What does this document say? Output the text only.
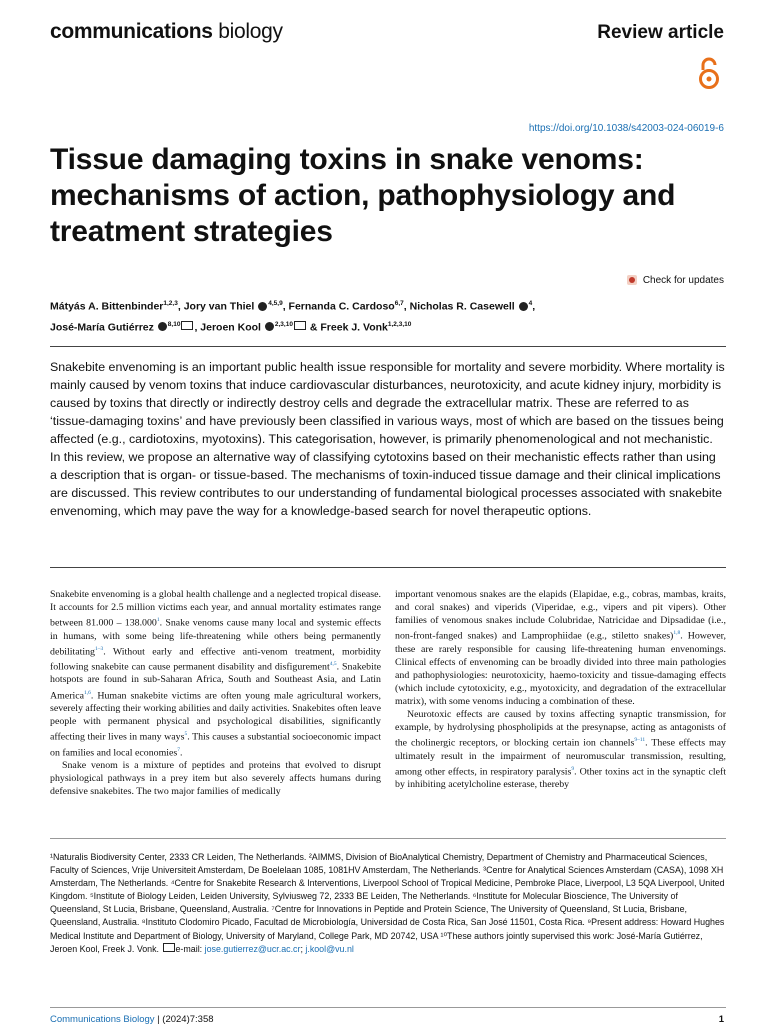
communications biology	Review article
https://doi.org/10.1038/s42003-024-06019-6
Tissue damaging toxins in snake venoms: mechanisms of action, pathophysiology and treatment strategies
Check for updates
Mátyás A. Bittenbinder$^{1,2,3}$, Jory van Thiel $^{4,5,9}$, Fernanda C. Cardoso$^{6,7}$, Nicholas R. Casewell $^4$,
José-María Gutiérrez $^{8,10}$ , Jeroen Kool $^{2,3,10}$ & Freek J. Vonk$^{1,2,3,10}$
Snakebite envenoming is an important public health issue responsible for mortality and severe morbidity. Where mortality is mainly caused by venom toxins that induce cardiovascular disturbances, neurotoxicity, and acute kidney injury, morbidity is caused by toxins that directly or indirectly destroy cells and degrade the extracellular matrix. These are referred to as ‘tissue-damaging toxins’ and have previously been classified in various ways, most of which are based on the tissues being affected (e.g., cardiotoxins, myotoxins). This categorisation, however, is primarily phenomenological and not mechanistic. In this review, we propose an alternative way of classifying cytotoxins based on their mechanistic effects rather than using a description that is organ- or tissue-based. The mechanisms of toxin-induced tissue damage and their clinical implications are discussed. This review contributes to our understanding of fundamental biological processes associated with snakebite envenoming, which may pave the way for a knowledge-based search for novel therapeutic options.

Snakebite envenoming is a global health challenge and a neglected tropical disease. It accounts for 2.5 million victims each year, and annual mortality estimates range between 81.000 – 138.000$^1$. Snake venoms cause many local and systemic effects in humans, with some being life-threatening while others being permanently debilitating$^{1-3}$. Without early and effective anti-venom treatment, morbidity following snakebite can cause permanent disability and disfigurement$^{4,5}$. Snakebite hotspots are found in sub-Saharan Africa, South and Southeast Asia, and Latin America$^{1,6}$. Human snakebite victims are often young male agricultural workers, severely affecting their working abilities and daily activities. Snakebites often leave people with permanent physical and psychological disabilities, significantly affecting their lives in many ways$^5$. This causes a substantial socioeconomic impact on families and local economies$^7$.

Snake venom is a mixture of peptides and proteins that evolved to disrupt physiological pathways in a prey item but also severely affects humans during defensive snakebites. The two major families of medically

important venomous snakes are the elapids (Elapidae, e.g., cobras, mambas, kraits, and coral snakes) and viperids (Viperidae, e.g., vipers and pit vipers). Other families of venomous snakes include Colubridae, Natricidae and Dipsadidae (i.e., non-front-fanged snakes) and Lamprophiidae (e.g., stiletto snakes)$^{1,8}$. However, these are rarely responsible for causing life-threatening human envenomings. Clinical effects of envenoming can be broadly divided into three main pathologies and pathophysiologies: neurotoxicity, haemo-toxicity and tissue-damaging effects (which include cytotoxicity, e.g., myotoxicity, and degradation of the extracellular matrix), with some venoms inducing a combination of these.

Neurotoxic effects are caused by toxins affecting synaptic transmission, for example, by hydrolysing phospholipids at the presynapse, acting as antagonists of the cholinergic receptors, or blocking certain ion channels$^{9-11}$. These effects may ultimately result in the impairment of neuromuscular transmission, resulting, among other effects, in respiratory paralysis$^9$. Other toxins act in the synaptic cleft by inhibiting acetylcholine esterase, thereby

¹Naturalis Biodiversity Center, 2333 CR Leiden, The Netherlands. ²AIMMS, Division of BioAnalytical Chemistry, Department of Chemistry and Pharmaceutical Sciences, Faculty of Sciences, Vrije Universiteit Amsterdam, De Boelelaan 1085, 1081HV Amsterdam, The Netherlands. ³Centre for Analytical Sciences Amsterdam (CASA), 1098 XH Amsterdam, The Netherlands. ⁴Centre for Snakebite Research & Interventions, Liverpool School of Tropical Medicine, Pembroke Place, Liverpool, L3 5QA Liverpool, United Kingdom. ⁵Institute of Biology Leiden, Leiden University, Sylviusweg 72, 2333 BE Leiden, The Netherlands. ⁶Institute for Molecular Bioscience, The University of Queensland, St Lucia, Brisbane, Queensland, Australia. ⁷Centre for Innovations in Peptide and Protein Science, The University of Queensland, St Lucia, Brisbane, Queensland, Australia. ⁸Instituto Clodomiro Picado, Facultad de Microbiología, Universidad de Costa Rica, San José 11501, Costa Rica. ⁹Present address: Howard Hughes Medical Institute and Department of Biology, University of Maryland, College Park, MD 20742, USA ¹⁰These authors jointly supervised this work: José-María Gutiérrez, Jeroen Kool, Freek J. Vonk. e-mail: jose.gutierrez@ucr.ac.cr; j.kool@vu.nl
Communications Biology | (2024)7:358	1
